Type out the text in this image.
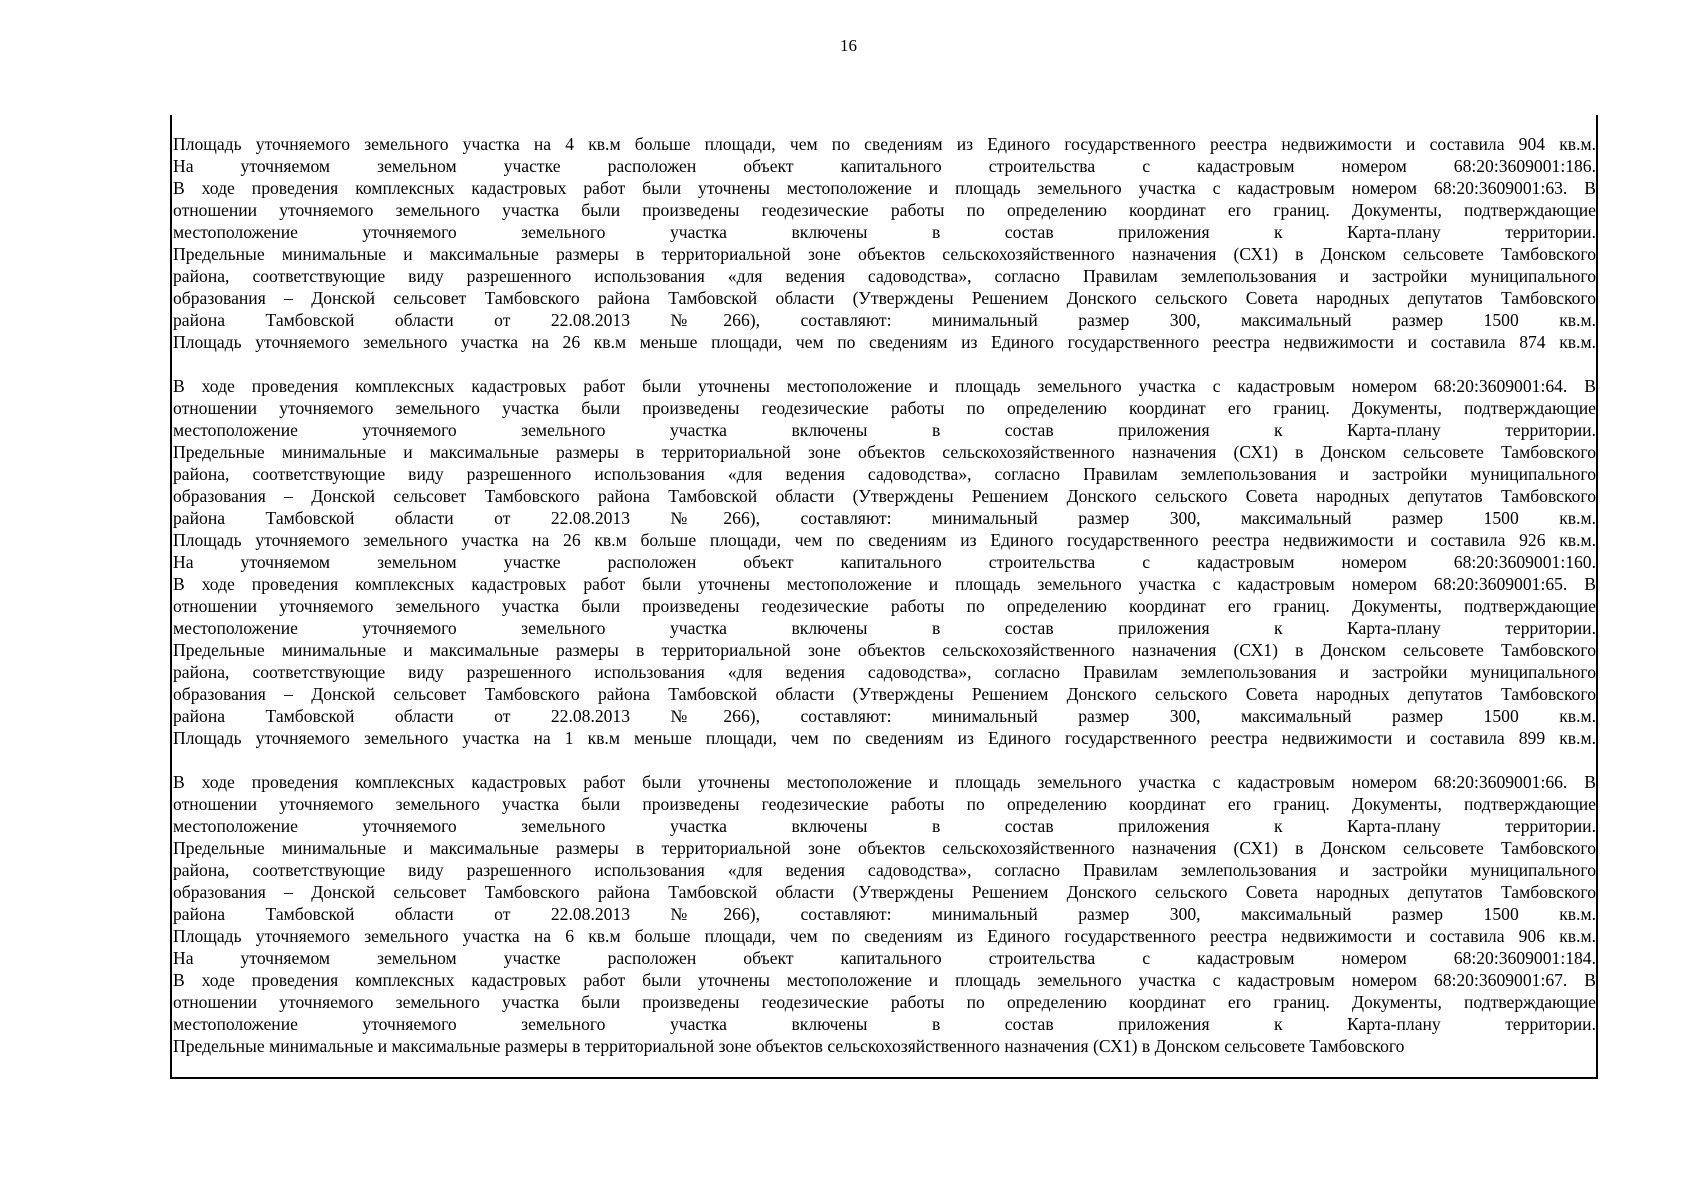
16
Площадь уточняемого земельного участка на 4 кв.м больше площади, чем по сведениям из Единого государственного реестра недвижимости и составила 904 кв.м.
На уточняемом земельном участке расположен объект капитального строительства с кадастровым номером 68:20:3609001:186.
В ходе проведения комплексных кадастровых работ были уточнены местоположение и площадь земельного участка с кадастровым номером 68:20:3609001:63. В
отношении уточняемого земельного участка были произведены геодезические работы по определению координат его границ. Документы, подтверждающие
местоположение уточняемого земельного участка включены в состав приложения к Карта-плану территории.
Предельные минимальные и максимальные размеры в территориальной зоне объектов сельскохозяйственного назначения (СХ1) в Донском сельсовете Тамбовского
района, соответствующие виду разрешенного использования «для ведения садоводства», согласно Правилам землепользования и застройки муниципального
образования – Донской сельсовет Тамбовского района Тамбовской области (Утверждены Решением Донского сельского Совета народных депутатов Тамбовского
района Тамбовской области от 22.08.2013 №266), составляют: минимальный размер 300, максимальный размер 1500 кв.м.
Площадь уточняемого земельного участка на 26 кв.м меньше площади, чем по сведениям из Единого государственного реестра недвижимости и составила 874 кв.м.
В ходе проведения комплексных кадастровых работ были уточнены местоположение и площадь земельного участка с кадастровым номером 68:20:3609001:64. В
отношении уточняемого земельного участка были произведены геодезические работы по определению координат его границ. Документы, подтверждающие
местоположение уточняемого земельного участка включены в состав приложения к Карта-плану территории.
Предельные минимальные и максимальные размеры в территориальной зоне объектов сельскохозяйственного назначения (СХ1) в Донском сельсовете Тамбовского
района, соответствующие виду разрешенного использования «для ведения садоводства», согласно Правилам землепользования и застройки муниципального
образования – Донской сельсовет Тамбовского района Тамбовской области (Утверждены Решением Донского сельского Совета народных депутатов Тамбовского
района Тамбовской области от 22.08.2013 №266), составляют: минимальный размер 300, максимальный размер 1500 кв.м.
Площадь уточняемого земельного участка на 26 кв.м больше площади, чем по сведениям из Единого государственного реестра недвижимости и составила 926 кв.м.
На уточняемом земельном участке расположен объект капитального строительства с кадастровым номером 68:20:3609001:160.
В ходе проведения комплексных кадастровых работ были уточнены местоположение и площадь земельного участка с кадастровым номером 68:20:3609001:65. В
отношении уточняемого земельного участка были произведены геодезические работы по определению координат его границ. Документы, подтверждающие
местоположение уточняемого земельного участка включены в состав приложения к Карта-плану территории.
Предельные минимальные и максимальные размеры в территориальной зоне объектов сельскохозяйственного назначения (СХ1) в Донском сельсовете Тамбовского
района, соответствующие виду разрешенного использования «для ведения садоводства», согласно Правилам землепользования и застройки муниципального
образования – Донской сельсовет Тамбовского района Тамбовской области (Утверждены Решением Донского сельского Совета народных депутатов Тамбовского
района Тамбовской области от 22.08.2013 №266), составляют: минимальный размер 300, максимальный размер 1500 кв.м.
Площадь уточняемого земельного участка на 1 кв.м меньше площади, чем по сведениям из Единого государственного реестра недвижимости и составила 899 кв.м.
В ходе проведения комплексных кадастровых работ были уточнены местоположение и площадь земельного участка с кадастровым номером 68:20:3609001:66. В
отношении уточняемого земельного участка были произведены геодезические работы по определению координат его границ. Документы, подтверждающие
местоположение уточняемого земельного участка включены в состав приложения к Карта-плану территории.
Предельные минимальные и максимальные размеры в территориальной зоне объектов сельскохозяйственного назначения (СХ1) в Донском сельсовете Тамбовского
района, соответствующие виду разрешенного использования «для ведения садоводства», согласно Правилам землепользования и застройки муниципального
образования – Донской сельсовет Тамбовского района Тамбовской области (Утверждены Решением Донского сельского Совета народных депутатов Тамбовского
района Тамбовской области от 22.08.2013 №266), составляют: минимальный размер 300, максимальный размер 1500 кв.м.
Площадь уточняемого земельного участка на 6 кв.м больше площади, чем по сведениям из Единого государственного реестра недвижимости и составила 906 кв.м.
На уточняемом земельном участке расположен объект капитального строительства с кадастровым номером 68:20:3609001:184.
В ходе проведения комплексных кадастровых работ были уточнены местоположение и площадь земельного участка с кадастровым номером 68:20:3609001:67. В
отношении уточняемого земельного участка были произведены геодезические работы по определению координат его границ. Документы, подтверждающие
местоположение уточняемого земельного участка включены в состав приложения к Карта-плану территории.
Предельные минимальные и максимальные размеры в территориальной зоне объектов сельскохозяйственного назначения (СХ1) в Донском сельсовете Тамбовского
